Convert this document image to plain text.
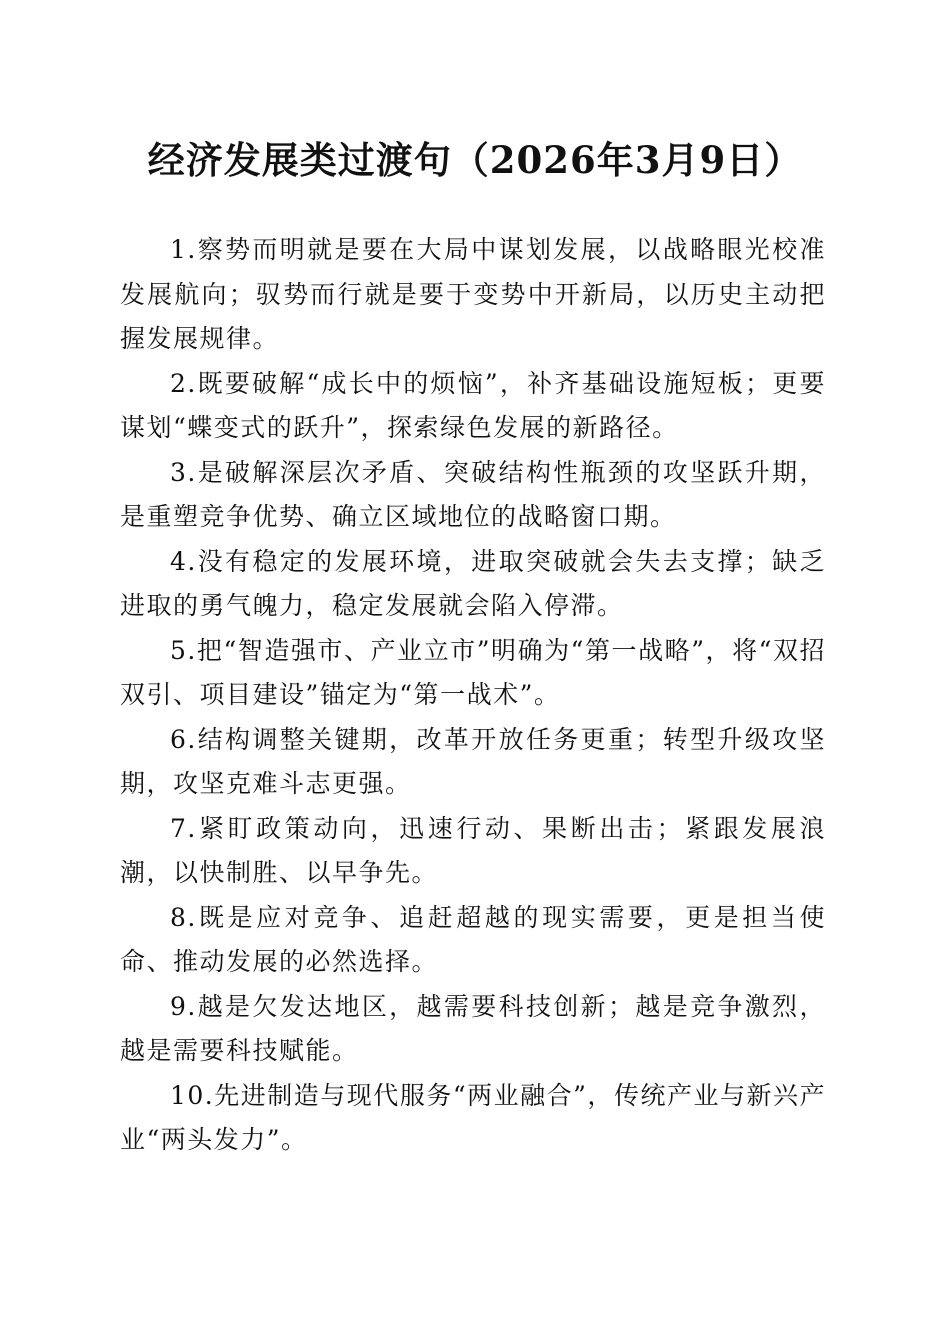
经济发展类过渡句（2026年3月9日）

1.察势而明就是要在大局中谋划发展，以战略眼光校准发展航向；驭势而行就是要于变势中开新局，以历史主动把握发展规律。

2.既要破解“成长中的烦恼”，补齐基础设施短板；更要谋划“蝶变式的跃升”，探索绿色发展的新路径。

3.是破解深层次矛盾、突破结构性瓶颈的攻坚跃升期，是重塑竞争优势、确立区域地位的战略窗口期。

4.没有稳定的发展环境，进取突破就会失去支撑；缺乏进取的勇气魄力，稳定发展就会陷入停滞。

5.把“智造强市、产业立市”明确为“第一战略”，将“双招双引、项目建设”锚定为“第一战术”。

6.结构调整关键期，改革开放任务更重；转型升级攻坚期，攻坚克难斗志更强。

7.紧盯政策动向，迅速行动、果断出击；紧跟发展浪潮，以快制胜、以早争先。

8.既是应对竞争、追赶超越的现实需要，更是担当使命、推动发展的必然选择。

9.越是欠发达地区，越需要科技创新；越是竞争激烈，越是需要科技赋能。

10.先进制造与现代服务“两业融合”，传统产业与新兴产业“两头发力”。
